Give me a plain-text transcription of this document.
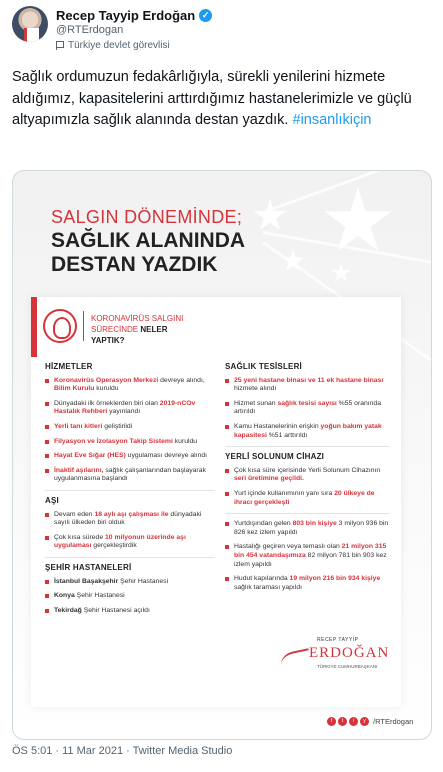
Recep Tayyip Erdoğan ✓
@RTErdogan
Türkiye devlet görevlisi
Sağlık ordumuzun fedakârlığıyla, sürekli yenilerini hizmete aldığımız, kapasitelerini arttırdığımız hastanelerimizle ve güçlü altyapımızla sağlık alanında destan yazdık. #insanlıkiçin
SALGIN DÖNEMİNDE;
SAĞLIK ALANINDA
DESTAN YAZDIK
KORONAVİRÜS SALGINI SÜRECİNDE NELER YAPTIK?
HİZMETLER
Koronavirüs Operasyon Merkezi devreye alındı, Bilim Kurulu kuruldu
Dünyadaki ilk örneklerden biri olan 2019-nCOv Hastalık Rehberi yayınlandı
Yerli tanı kitleri geliştirildi
Filyasyon ve İzolasyon Takip Sistemi kuruldu
Hayat Eve Sığar (HES) uygulaması devreye alındı
İnaktif aşılarını, sağlık çalışanlarından başlayarak uygulanmasına başlandı
AŞI
Devam eden 18 aylı aşı çalışması ile dünyadaki sayılı ülkeden biri olduk
Çok kısa sürede 10 milyonun üzerinde aşı uygulaması gerçekleştirdik
ŞEHİR HASTANELERİ
İstanbul Başakşehir Şehir Hastanesi
Konya Şehir Hastanesi
Tekirdağ Şehir Hastanesi açıldı
SAĞLIK TESİSLERİ
25 yeni hastane binası ve 11 ek hastane binası hizmete alındı
Hizmet sunan sağlık tesisi sayısı %55 oranında artırıldı
Kamu Hastanelerinin erişkin yoğun bakım yatak kapasitesi %51 arttırıldı
YERLİ SOLUNUM CİHAZI
Çok kısa süre içerisinde Yerli Solunum Cihazının seri üretimine geçildi.
Yurt içinde kullanımının yanı sıra 20 ülkeye de ihracı gerçekleşti
Yurtdışından gelen 803 bin kişiye 3 milyon 936 bin 826 kez izlem yapıldı
Hastalığı geçiren veya temaslı olan 21 milyon 315 bin 454 vatandaşımıza 82 milyon 781 bin 903 kez izlem yapıldı
Hudut kapılarında 19 milyon 216 bin 934 kişiye sağlık taraması yapıldı
RECEP TAYYİP
ERDOĞAN
TÜRKİYE CUMHURBAŞKANI
f	t	i	y /RTErdogan
ÖS 5:01 · 11 Mar 2021 · Twitter Media Studio
